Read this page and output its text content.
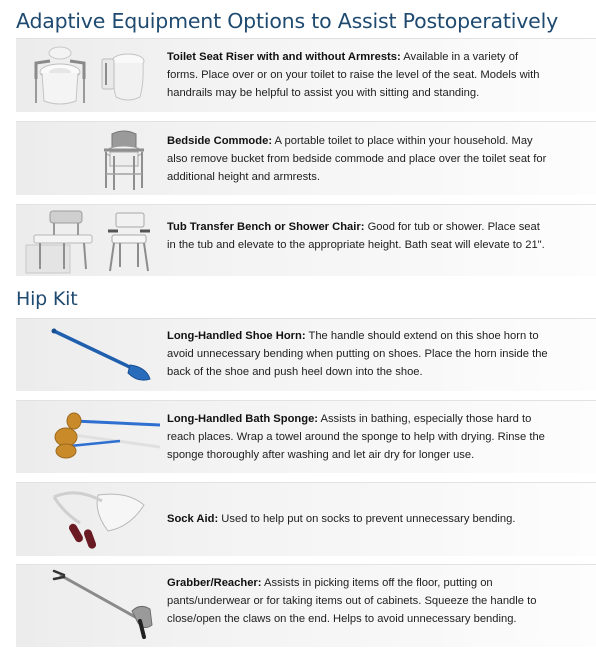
Adaptive Equipment Options to Assist Postoperatively
Toilet Seat Riser with and without Armrests: Available in a variety of forms. Place over or on your toilet to raise the level of the seat. Models with handrails may be helpful to assist you with sitting and standing.
Bedside Commode: A portable toilet to place within your household. May also remove bucket from bedside commode and place over the toilet seat for additional height and armrests.
Tub Transfer Bench or Shower Chair: Good for tub or shower. Place seat in the tub and elevate to the appropriate height. Bath seat will elevate to 21".
Hip Kit
Long-Handled Shoe Horn: The handle should extend on this shoe horn to avoid unnecessary bending when putting on shoes. Place the horn inside the back of the shoe and push heel down into the shoe.
Long-Handled Bath Sponge: Assists in bathing, especially those hard to reach places. Wrap a towel around the sponge to help with drying. Rinse the sponge thoroughly after washing and let air dry for longer use.
Sock Aid: Used to help put on socks to prevent unnecessary bending.
Grabber/Reacher: Assists in picking items off the floor, putting on pants/underwear or for taking items out of cabinets. Squeeze the handle to close/open the claws on the end. Helps to avoid unnecessary bending.
